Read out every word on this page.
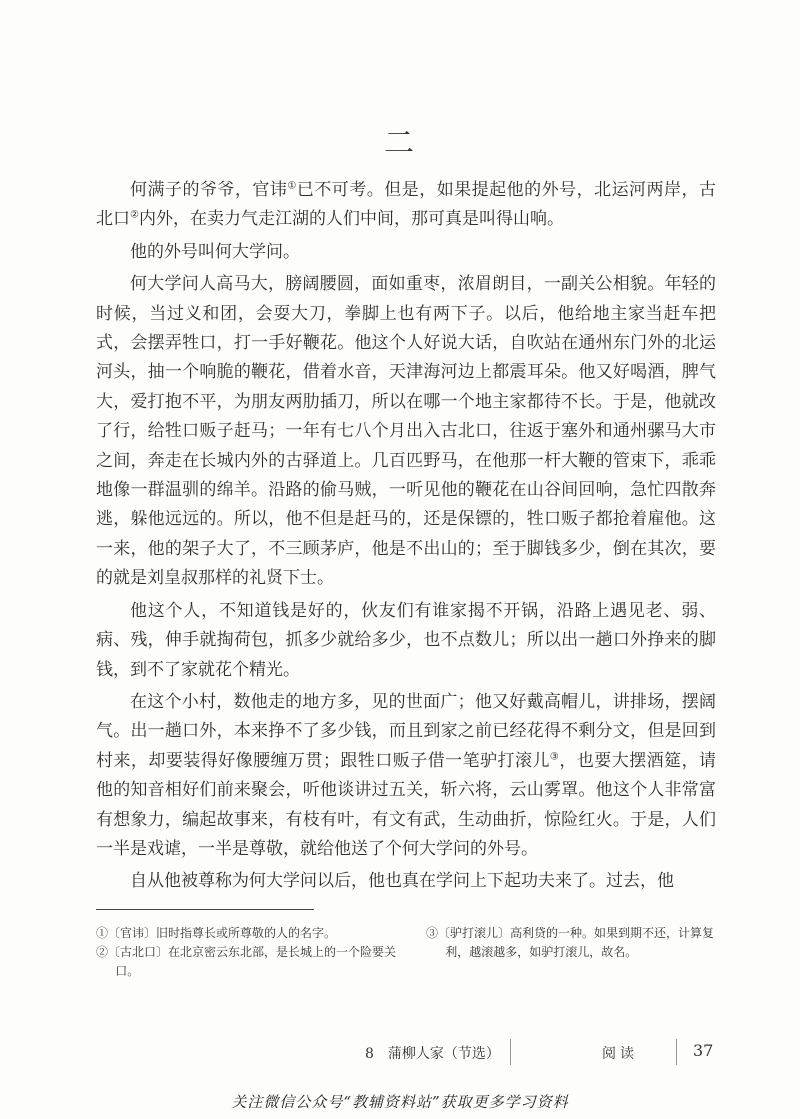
二

何满子的爷爷，官讳①已不可考。但是，如果提起他的外号，北运河两岸，古北口②内外，在卖力气走江湖的人们中间，那可真是叫得山响。

他的外号叫何大学问。

何大学问人高马大，膀阔腰圆，面如重枣，浓眉朗目，一副关公相貌。年轻的时候，当过义和团，会耍大刀，拳脚上也有两下子。以后，他给地主家当赶车把式，会摆弄牲口，打一手好鞭花。他这个人好说大话，自吹站在通州东门外的北运河头，抽一个响脆的鞭花，借着水音，天津海河边上都震耳朵。他又好喝酒，脾气大，爱打抱不平，为朋友两肋插刀，所以在哪一个地主家都待不长。于是，他就改了行，给牲口贩子赶马；一年有七八个月出入古北口，往返于塞外和通州骡马大市之间，奔走在长城内外的古驿道上。几百匹野马，在他那一杆大鞭的管束下，乖乖地像一群温驯的绵羊。沿路的偷马贼，一听见他的鞭花在山谷间回响，急忙四散奔逃，躲他远远的。所以，他不但是赶马的，还是保镖的，牲口贩子都抢着雇他。这一来，他的架子大了，不三顾茅庐，他是不出山的；至于脚钱多少，倒在其次，要的就是刘皇叔那样的礼贤下士。

他这个人，不知道钱是好的，伙友们有谁家揭不开锅，沿路上遇见老、弱、病、残，伸手就掏荷包，抓多少就给多少，也不点数儿；所以出一趟口外挣来的脚钱，到不了家就花个精光。

在这个小村，数他走的地方多，见的世面广；他又好戴高帽儿，讲排场，摆阔气。出一趟口外，本来挣不了多少钱，而且到家之前已经花得不剩分文，但是回到村来，却要装得好像腰缠万贯；跟牲口贩子借一笔驴打滚儿③，也要大摆酒筵，请他的知音相好们前来聚会，听他谈讲过五关，斩六将，云山雾罩。他这个人非常富有想象力，编起故事来，有枝有叶，有文有武，生动曲折，惊险红火。于是，人们一半是戏谑，一半是尊敬，就给他送了个何大学问的外号。

自从他被尊称为何大学问以后，他也真在学问上下起功夫来了。过去，他

①〔官讳〕旧时指尊长或所尊敬的人的名字。

②〔古北口〕在北京密云东北部，是长城上的一个险要关口。

③〔驴打滚儿〕高利贷的一种。如果到期不还，计算复利，越滚越多，如驴打滚儿，故名。

8　蒲柳人家（节选）	阅读	37
关注微信公众号“教辅资料站”获取更多学习资料
